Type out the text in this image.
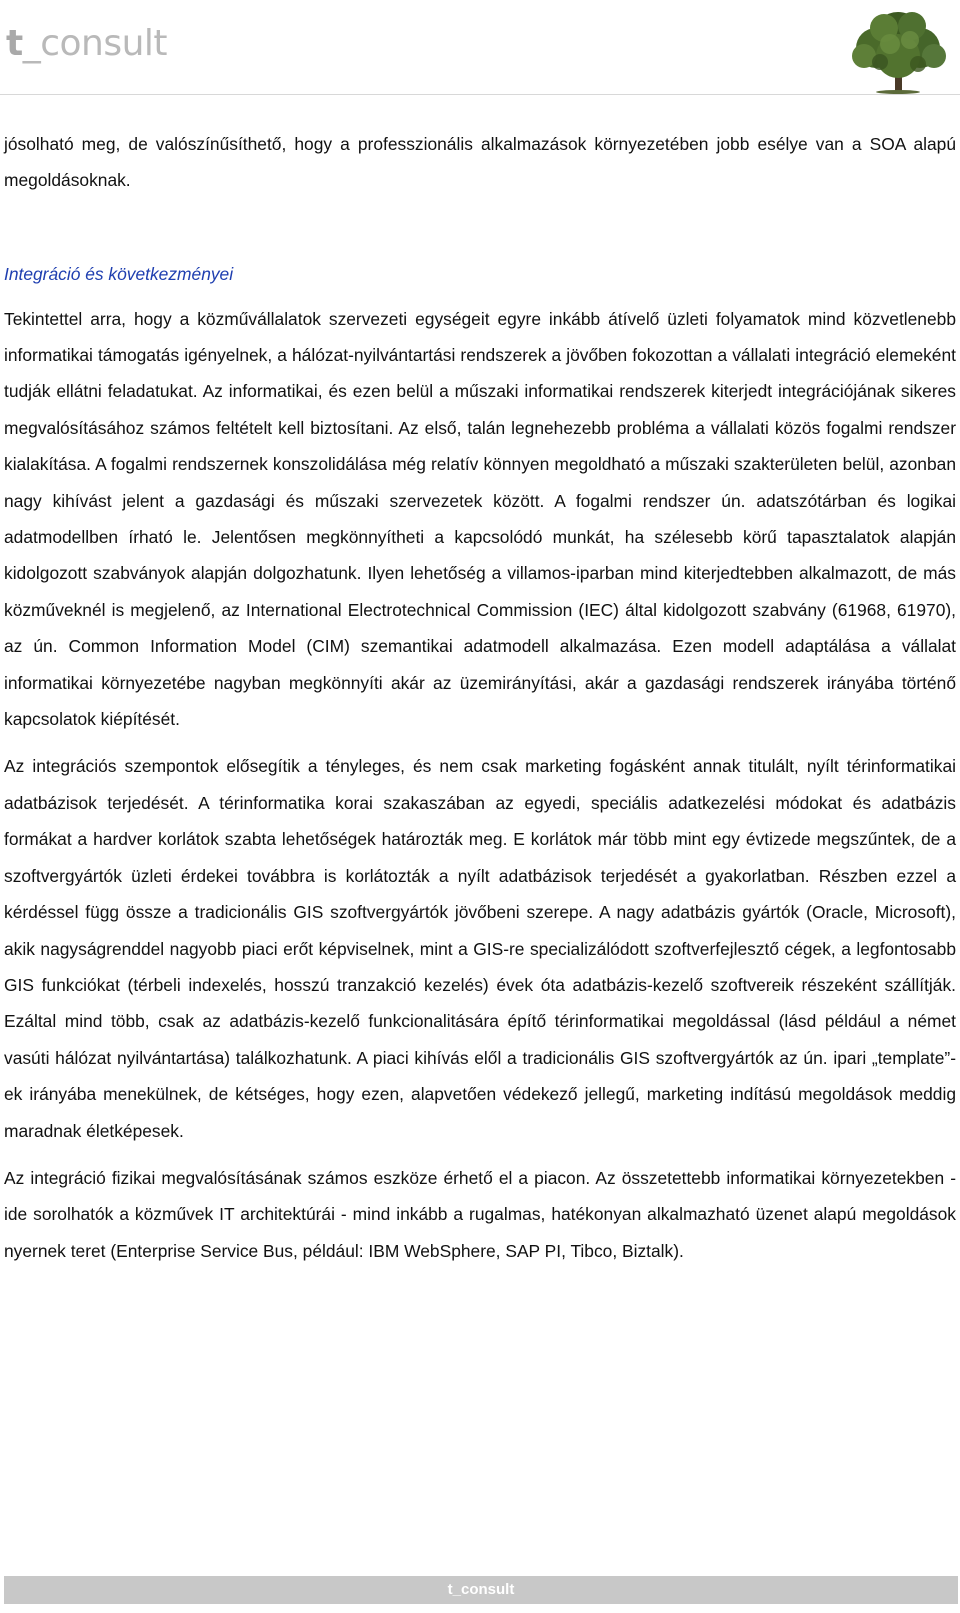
t_consult

jósolható meg, de valószínűsíthető, hogy a professzionális alkalmazások környezetében jobb esélye van a SOA alapú megoldásoknak.

Integráció és következményei

Tekintettel arra, hogy a közművállalatok szervezeti egységeit egyre inkább átívelő üzleti folyamatok mind közvetlenebb informatikai támogatás igényelnek, a hálózat-nyilvántartási rendszerek a jövőben fokozottan a vállalati integráció elemeként tudják ellátni feladatukat. Az informatikai, és ezen belül a műszaki informatikai rendszerek kiterjedt integrációjának sikeres megvalósításához számos feltételt kell biztosítani. Az első, talán legnehezebb probléma a vállalati közös fogalmi rendszer kialakítása. A fogalmi rendszernek konszolidálása még relatív könnyen megoldható a műszaki szakterületen belül, azonban nagy kihívást jelent a gazdasági és műszaki szervezetek között. A fogalmi rendszer ún. adatszótárban és logikai adatmodellben írható le. Jelentősen megkönnyítheti a kapcsolódó munkát, ha szélesebb körű tapasztalatok alapján kidolgozott szabványok alapján dolgozhatunk. Ilyen lehetőség a villamos-iparban mind kiterjedtebben alkalmazott, de más közműveknél is megjelenő, az International Electrotechnical Commission (IEC) által kidolgozott szabvány (61968, 61970), az ún. Common Information Model (CIM) szemantikai adatmodell alkalmazása. Ezen modell adaptálása a vállalat informatikai környezetébe nagyban megkönnyíti akár az üzemirányítási, akár a gazdasági rendszerek irányába történő kapcsolatok kiépítését.

Az integrációs szempontok elősegítik a tényleges, és nem csak marketing fogásként annak titulált, nyílt térinformatikai adatbázisok terjedését. A térinformatika korai szakaszában az egyedi, speciális adatkezelési módokat és adatbázis formákat a hardver korlátok szabta lehetőségek határozták meg. E korlátok már több mint egy évtizede megszűntek, de a szoftvergyártók üzleti érdekei továbbra is korlátozták a nyílt adatbázisok terjedését a gyakorlatban. Részben ezzel a kérdéssel függ össze a tradicionális GIS szoftvergyártók jövőbeni szerepe. A nagy adatbázis gyártók (Oracle, Microsoft), akik nagyságrenddel nagyobb piaci erőt képviselnek, mint a GIS-re specializálódott szoftverfejlesztő cégek, a legfontosabb GIS funkciókat (térbeli indexelés, hosszú tranzakció kezelés) évek óta adatbázis-kezelő szoftvereik részeként szállítják. Ezáltal mind több, csak az adatbázis-kezelő funkcionalitására építő térinformatikai megoldással (lásd például a német vasúti hálózat nyilvántartása) találkozhatunk. A piaci kihívás elől a tradicionális GIS szoftvergyártók az ún. ipari „template”-ek irányába menekülnek, de kétséges, hogy ezen, alapvetően védekező jellegű, marketing indítású megoldások meddig maradnak életképesek.

Az integráció fizikai megvalósításának számos eszköze érhető el a piacon. Az összetettebb informatikai környezetekben - ide sorolhatók a közművek IT architektúrái - mind inkább a rugalmas, hatékonyan alkalmazható üzenet alapú megoldások nyernek teret (Enterprise Service Bus, például: IBM WebSphere, SAP PI, Tibco, Biztalk).

t_consult
